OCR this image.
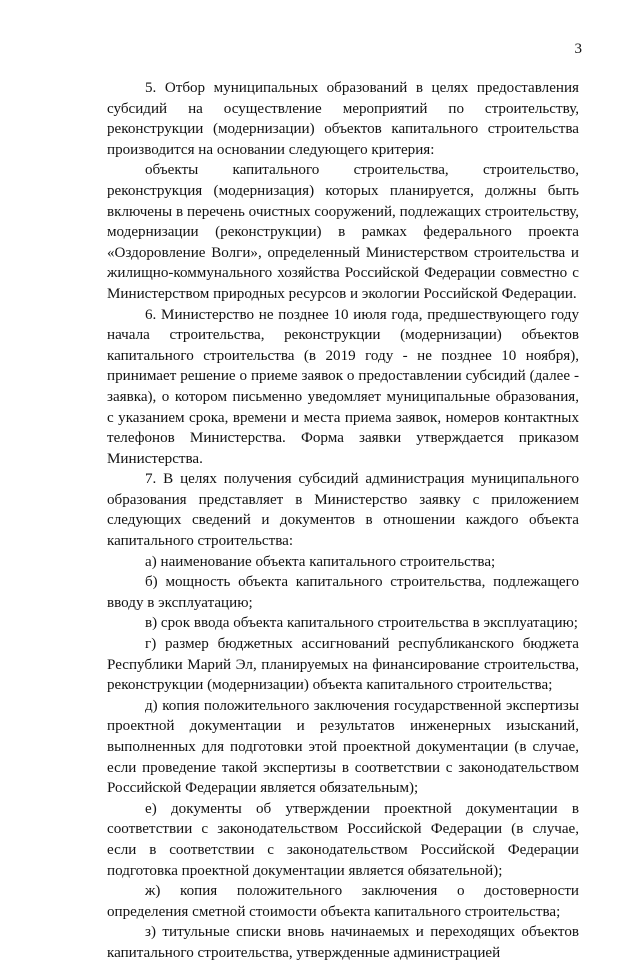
3

5. Отбор муниципальных образований в целях предоставления субсидий на осуществление мероприятий по строительству, реконструкции (модернизации) объектов капитального строительства производится на основании следующего критерия:

объекты капитального строительства, строительство, реконструкция (модернизация) которых планируется, должны быть включены в перечень очистных сооружений, подлежащих строительству, модернизации (реконструкции) в рамках федерального проекта «Оздоровление Волги», определенный Министерством строительства и жилищно-коммунального хозяйства Российской Федерации совместно с Министерством природных ресурсов и экологии Российской Федерации.

6. Министерство не позднее 10 июля года, предшествующего году начала строительства, реконструкции (модернизации) объектов капитального строительства (в 2019 году - не позднее 10 ноября), принимает решение о приеме заявок о предоставлении субсидий (далее - заявка), о котором письменно уведомляет муниципальные образования, с указанием срока, времени и места приема заявок, номеров контактных телефонов Министерства. Форма заявки утверждается приказом Министерства.

7. В целях получения субсидий администрация муниципального образования представляет в Министерство заявку с приложением следующих сведений и документов в отношении каждого объекта капитального строительства:

а) наименование объекта капитального строительства;

б) мощность объекта капитального строительства, подлежащего вводу в эксплуатацию;

в) срок ввода объекта капитального строительства в эксплуатацию;

г) размер бюджетных ассигнований республиканского бюджета Республики Марий Эл, планируемых на финансирование строительства, реконструкции (модернизации) объекта капитального строительства;

д) копия положительного заключения государственной экспертизы проектной документации и результатов инженерных изысканий, выполненных для подготовки этой проектной документации (в случае, если проведение такой экспертизы в соответствии с законодательством Российской Федерации является обязательным);

е) документы об утверждении проектной документации в соответствии с законодательством Российской Федерации (в случае, если в соответствии с законодательством Российской Федерации подготовка проектной документации является обязательной);

ж) копия положительного заключения о достоверности определения сметной стоимости объекта капитального строительства;

з) титульные списки вновь начинаемых и переходящих объектов капитального строительства, утвержденные администрацией
